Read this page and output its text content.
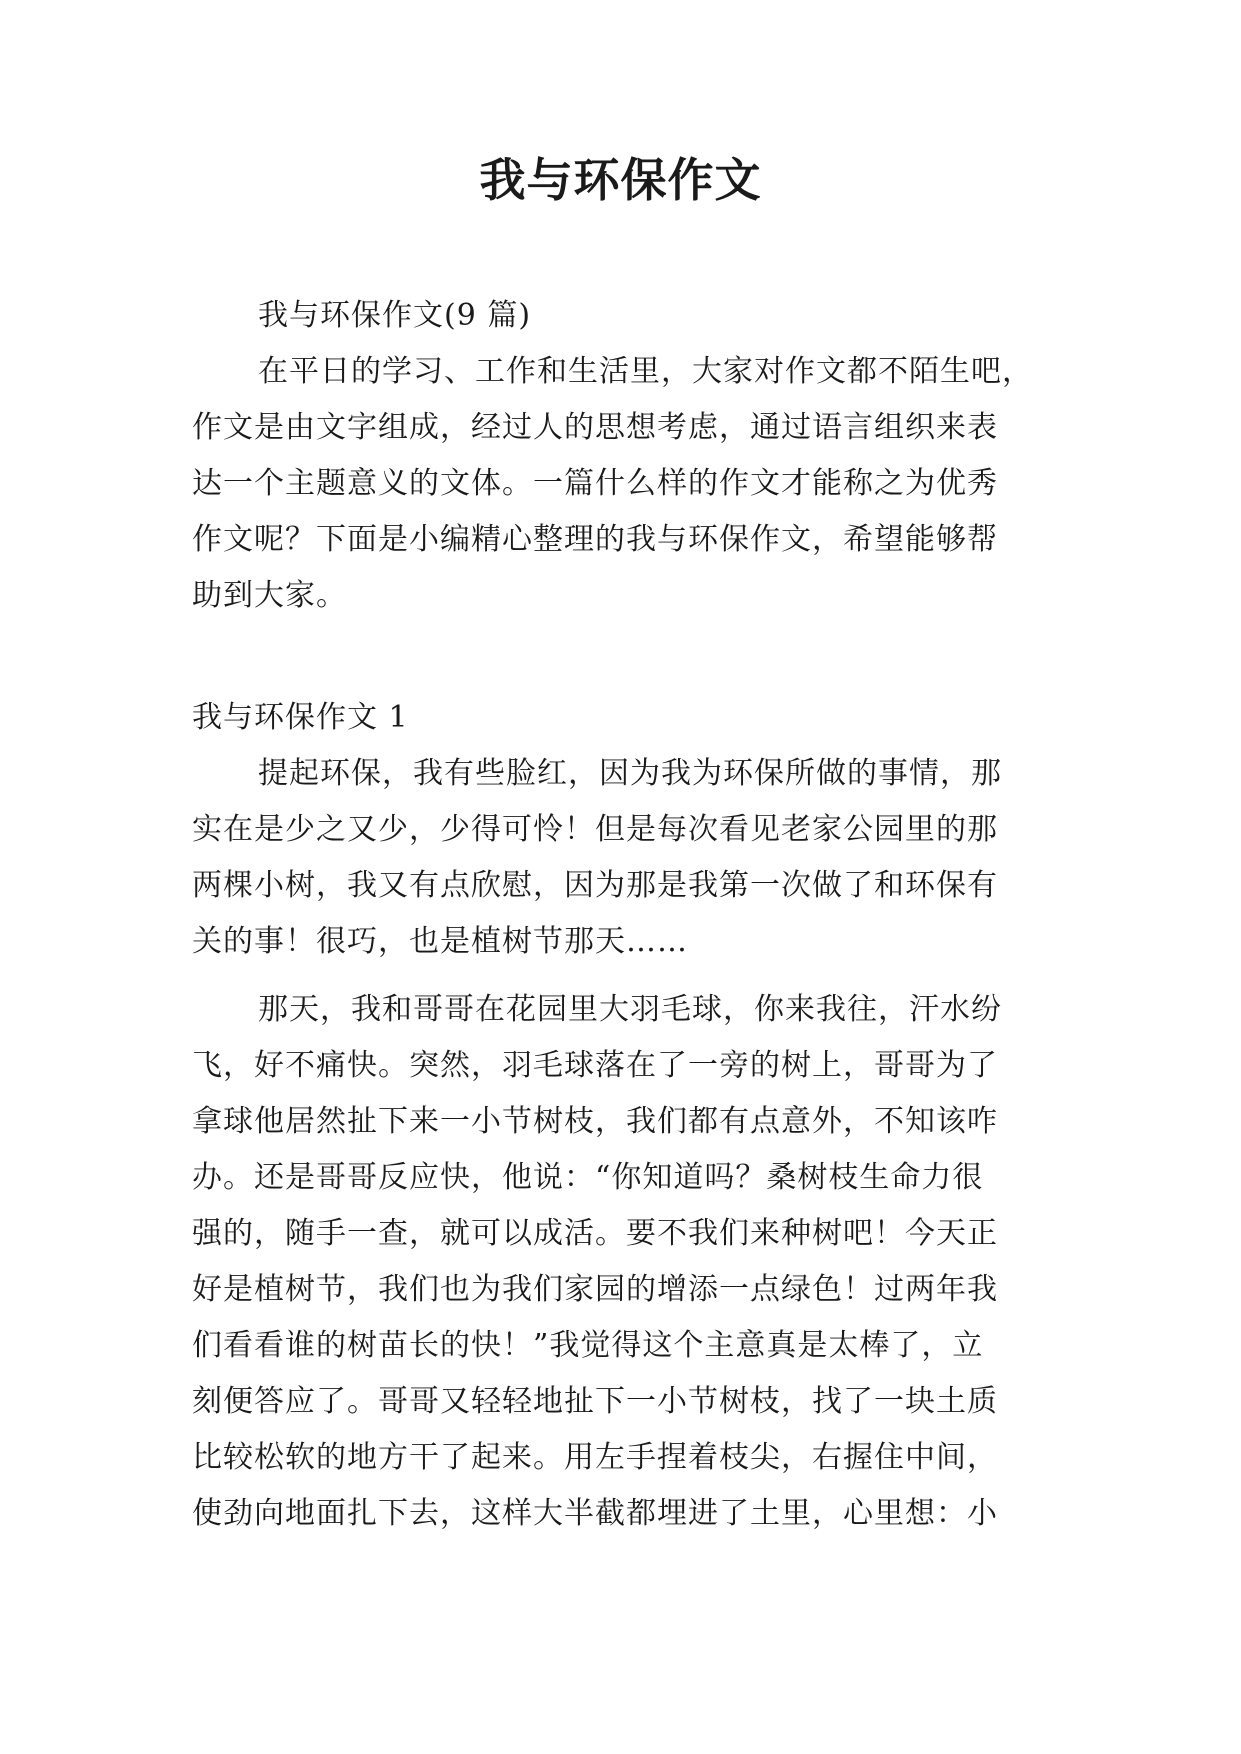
我与环保作文
我与环保作文(9 篇)
在平日的学习、工作和生活里，大家对作文都不陌生吧，
作文是由文字组成，经过人的思想考虑，通过语言组织来表
达一个主题意义的文体。一篇什么样的作文才能称之为优秀
作文呢？下面是小编精心整理的我与环保作文，希望能够帮
助到大家。
我与环保作文 1
提起环保，我有些脸红，因为我为环保所做的事情，那
实在是少之又少，少得可怜！但是每次看见老家公园里的那
两棵小树，我又有点欣慰，因为那是我第一次做了和环保有
关的事！很巧，也是植树节那天……
那天，我和哥哥在花园里大羽毛球，你来我往，汗水纷
飞，好不痛快。突然，羽毛球落在了一旁的树上，哥哥为了
拿球他居然扯下来一小节树枝，我们都有点意外，不知该咋
办。还是哥哥反应快，他说：“你知道吗？桑树枝生命力很
强的，随手一查，就可以成活。要不我们来种树吧！今天正
好是植树节，我们也为我们家园的增添一点绿色！过两年我
们看看谁的树苗长的快！”我觉得这个主意真是太棒了，立
刻便答应了。哥哥又轻轻地扯下一小节树枝，找了一块土质
比较松软的地方干了起来。用左手捏着枝尖，右握住中间，
使劲向地面扎下去，这样大半截都埋进了土里，心里想：小
